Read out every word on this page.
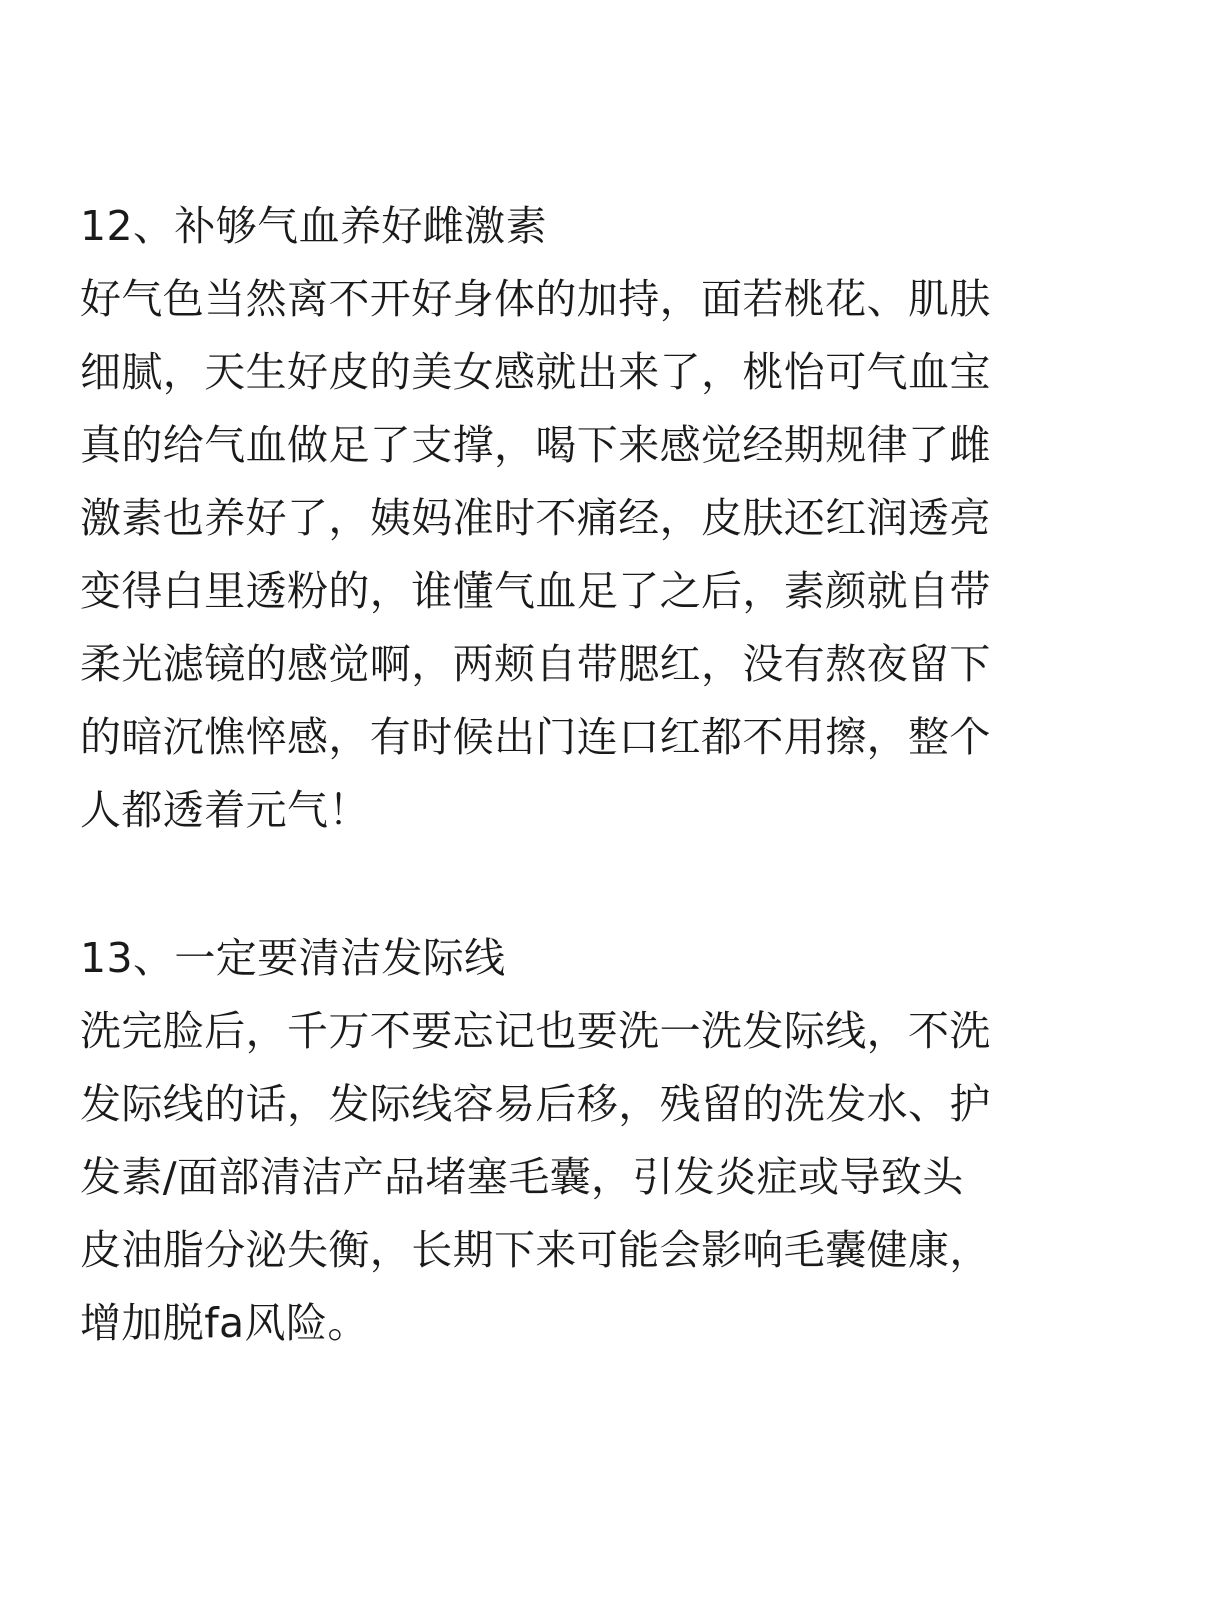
12、补够气血养好雌激素
好气色当然离不开好身体的加持，面若桃花、肌肤
细腻，天生好皮的美女感就出来了，桃怡可气血宝
真的给气血做足了支撑，喝下来感觉经期规律了雌
激素也养好了，姨妈准时不痛经，皮肤还红润透亮
变得白里透粉的，谁懂气血足了之后，素颜就自带
柔光滤镜的感觉啊，两颊自带腮红，没有熬夜留下
的暗沉憔悴感，有时候出门连口红都不用擦，整个
人都透着元气！
13、一定要清洁发际线
洗完脸后，千万不要忘记也要洗一洗发际线，不洗
发际线的话，发际线容易后移，残留的洗发水、护
发素/面部清洁产品堵塞毛囊，引发炎症或导致头
皮油脂分泌失衡，长期下来可能会影响毛囊健康，
增加脱fa风险。
